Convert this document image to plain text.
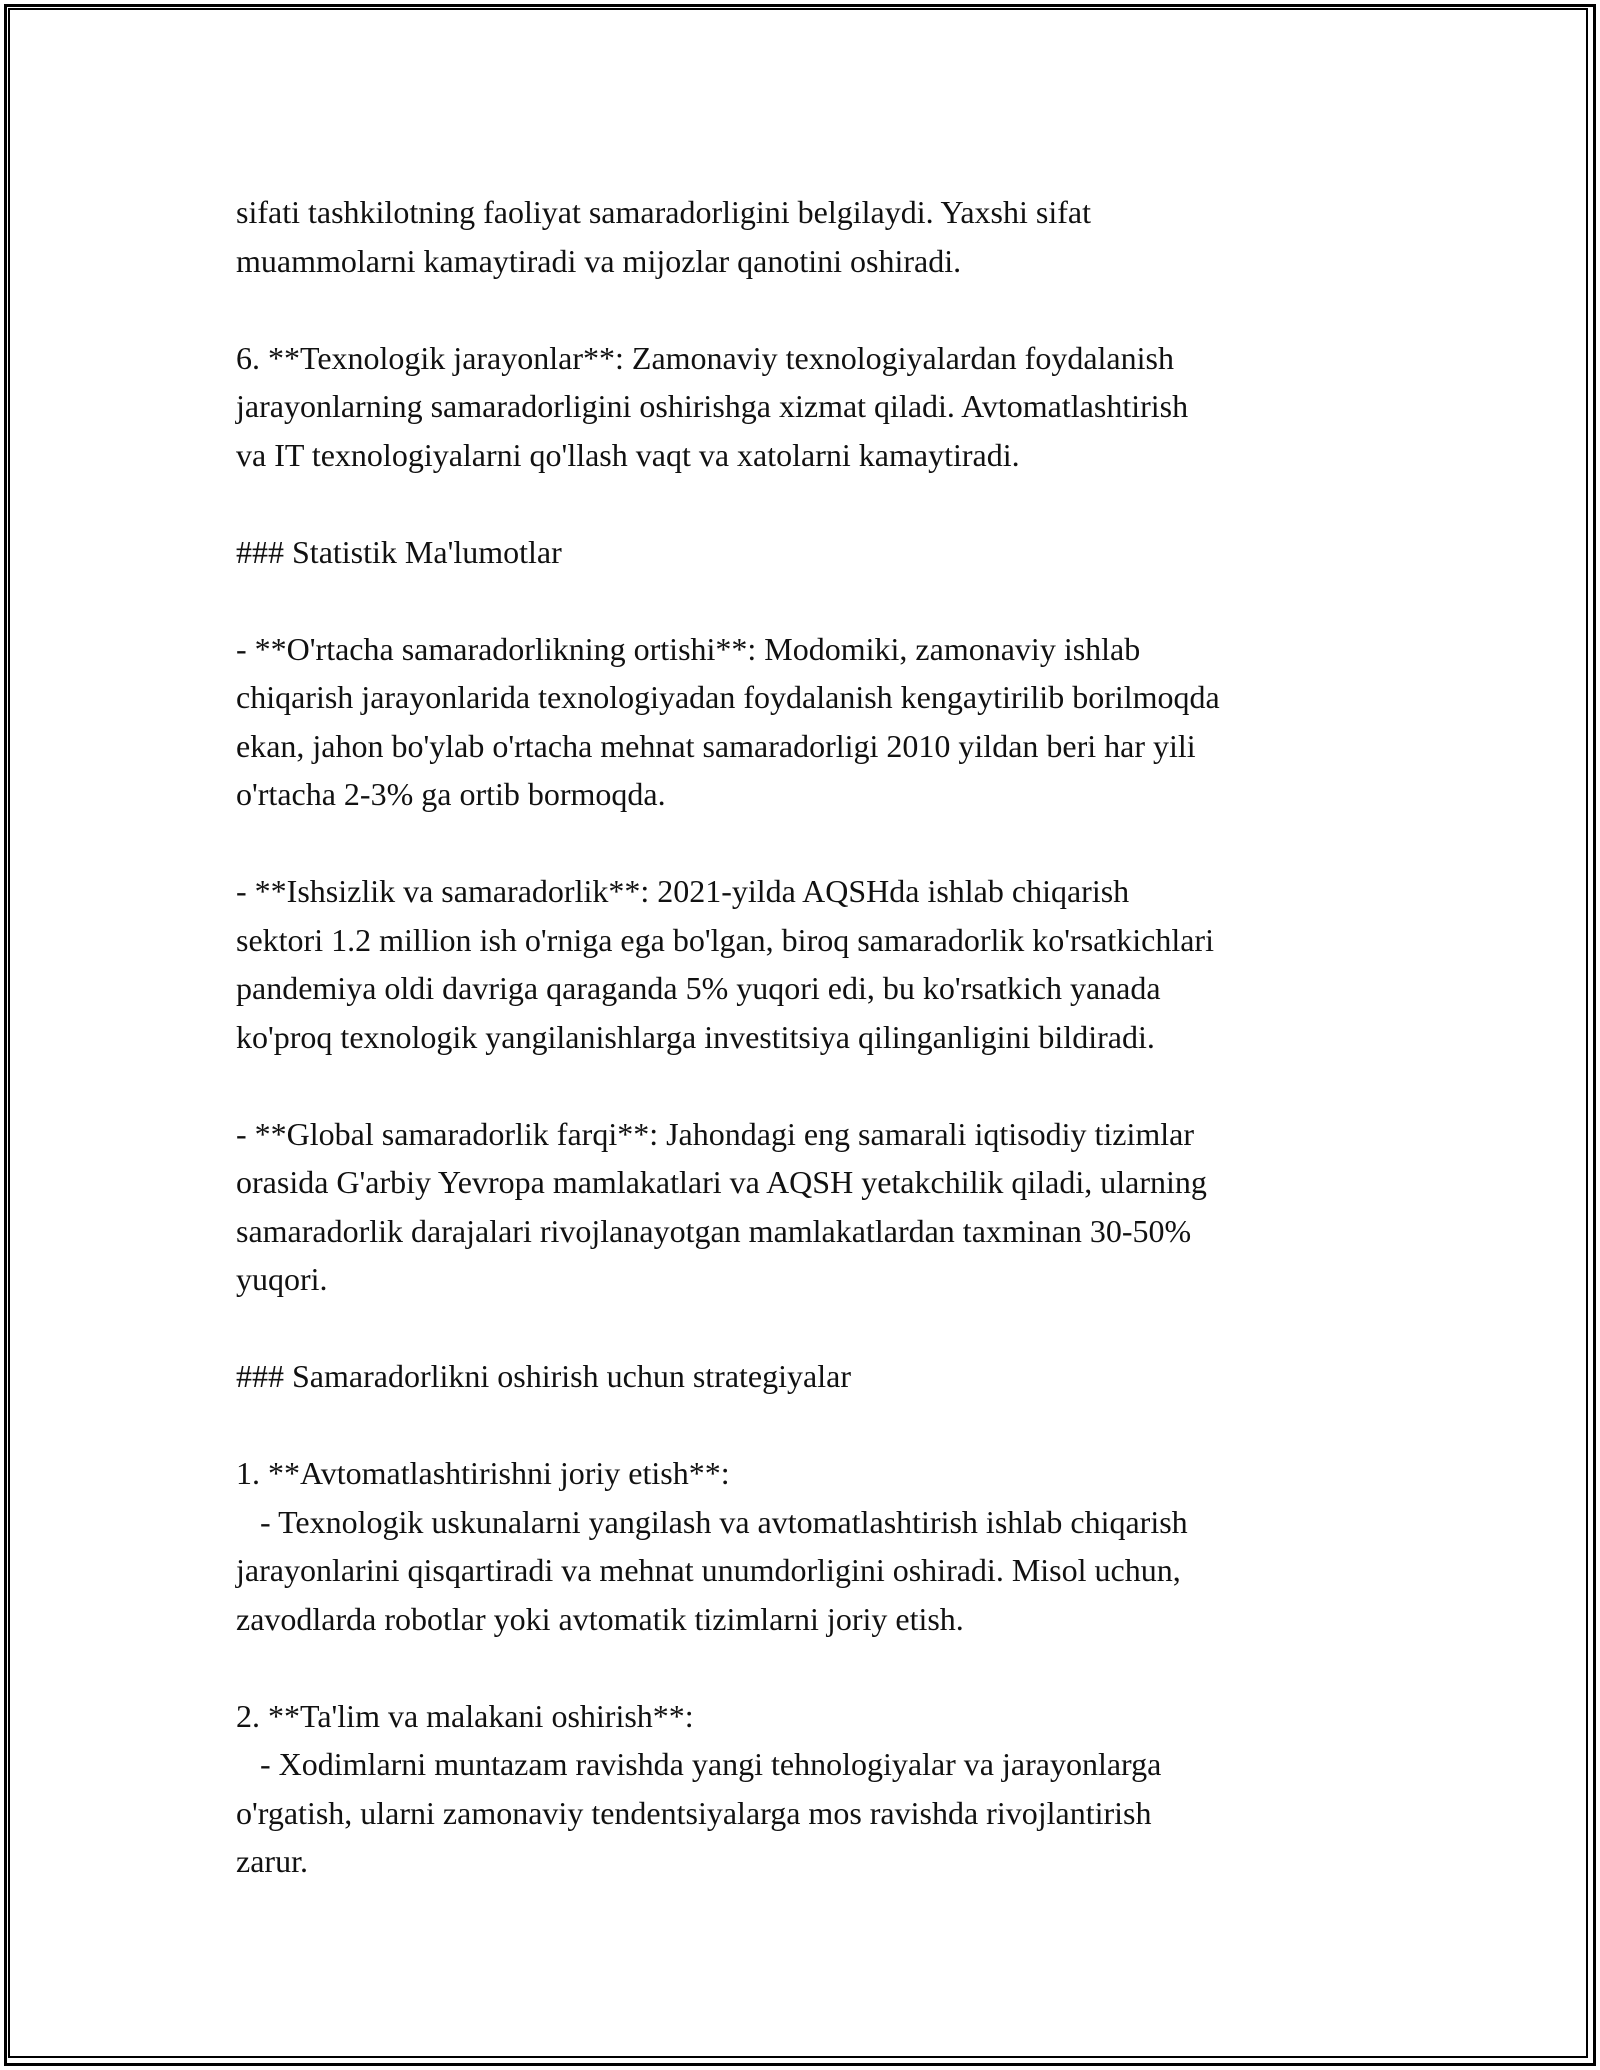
sifati tashkilotning faoliyat samaradorligini belgilaydi. Yaxshi sifat
muammolarni kamaytiradi va mijozlar qanotini oshiradi.

6. **Texnologik jarayonlar**: Zamonaviy texnologiyalardan foydalanish
jarayonlarning samaradorligini oshirishga xizmat qiladi. Avtomatlashtirish
va IT texnologiyalarni qo'llash vaqt va xatolarni kamaytiradi.

### Statistik Ma'lumotlar

- **O'rtacha samaradorlikning ortishi**: Modomiki, zamonaviy ishlab
chiqarish jarayonlarida texnologiyadan foydalanish kengaytirilib borilmoqda
ekan, jahon bo'ylab o'rtacha mehnat samaradorligi 2010 yildan beri har yili
o'rtacha 2-3% ga ortib bormoqda.

- **Ishsizlik va samaradorlik**: 2021-yilda AQSHda ishlab chiqarish
sektori 1.2 million ish o'rniga ega bo'lgan, biroq samaradorlik ko'rsatkichlari
pandemiya oldi davriga qaraganda 5% yuqori edi, bu ko'rsatkich yanada
ko'proq texnologik yangilanishlarga investitsiya qilinganligini bildiradi.

- **Global samaradorlik farqi**: Jahondagi eng samarali iqtisodiy tizimlar
orasida G'arbiy Yevropa mamlakatlari va AQSH yetakchilik qiladi, ularning
samaradorlik darajalari rivojlanayotgan mamlakatlardan taxminan 30-50%
yuqori.

### Samaradorlikni oshirish uchun strategiyalar

1. **Avtomatlashtirishni joriy etish**:
- Texnologik uskunalarni yangilash va avtomatlashtirish ishlab chiqarish
jarayonlarini qisqartiradi va mehnat unumdorligini oshiradi. Misol uchun,
zavodlarda robotlar yoki avtomatik tizimlarni joriy etish.

2. **Ta'lim va malakani oshirish**:
- Xodimlarni muntazam ravishda yangi tehnologiyalar va jarayonlarga
o'rgatish, ularni zamonaviy tendentsiyalarga mos ravishda rivojlantirish
zarur.
